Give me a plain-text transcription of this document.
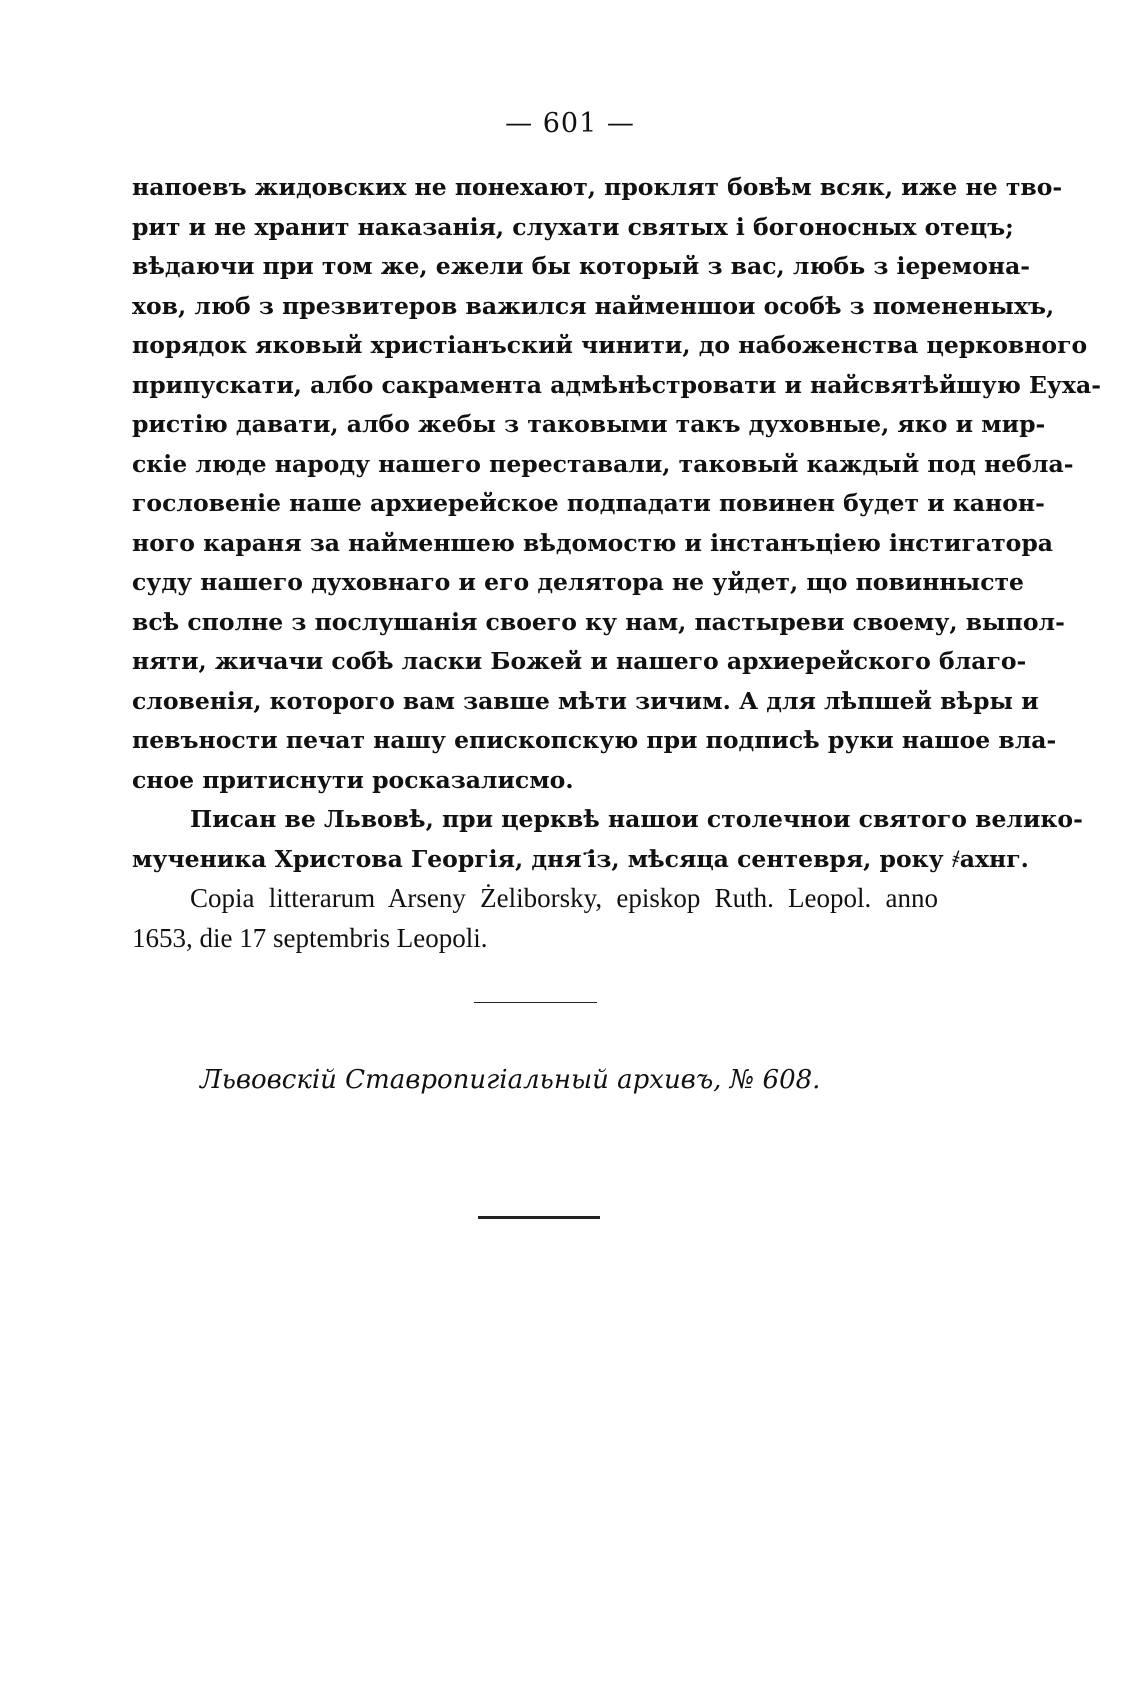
— 601 —
напоевъ жидовских не понехают, проклят бовѣм всяк, иже не тво-
рит и не хранит наказанія, слухати святых і богоносных отецъ;
вѣдаючи при том же, ежели бы который з вас, любь з іеремона-
хов, люб з презвитеров важился найменшои особѣ з помененыхъ,
порядок яковый христіанъский чинити, до набоженства церковного
припускати, албо сакрамента адмѣнѣстровати и найсвятѣйшую Eухa-
ристію давати, албо жебы з таковыми такъ духовные, яко и мир-
скіе люде народу нашего переставали, таковый каждый под небла-
гословеніе наше архиерейское подпадати повинен будет и канон-
ного караня за найменшею вѣдомостю и інстанъціею інстигатора
суду нашего духовнаго и его делятора не уйдет, що повинныcте
всѣ сполне з послушанія своего ку нам, пастыреви своему, выпол-
няти, жичачи собѣ ласки Божей и нашего архиерейского благо-
словенія, которого вам завше мѣти зичим. А для лѣпшей вѣры и
певъности печат нашу епископскую при подписѣ руки нашое вла-
сное притиснути росказалисмо.
Писан ве Львовѣ, при церквѣ нашои столечнои святого велико-
мученика Христова Георгія, дня ҃із, мѣсяца сентевря, року ҂ахнг.
Copia litterarum Arseny Żeliborsky, episkop Ruth. Leopol. anno
1653, die 17 septembris Leopoli.
Львовскій Ставропигіальный архивъ, № 608.
